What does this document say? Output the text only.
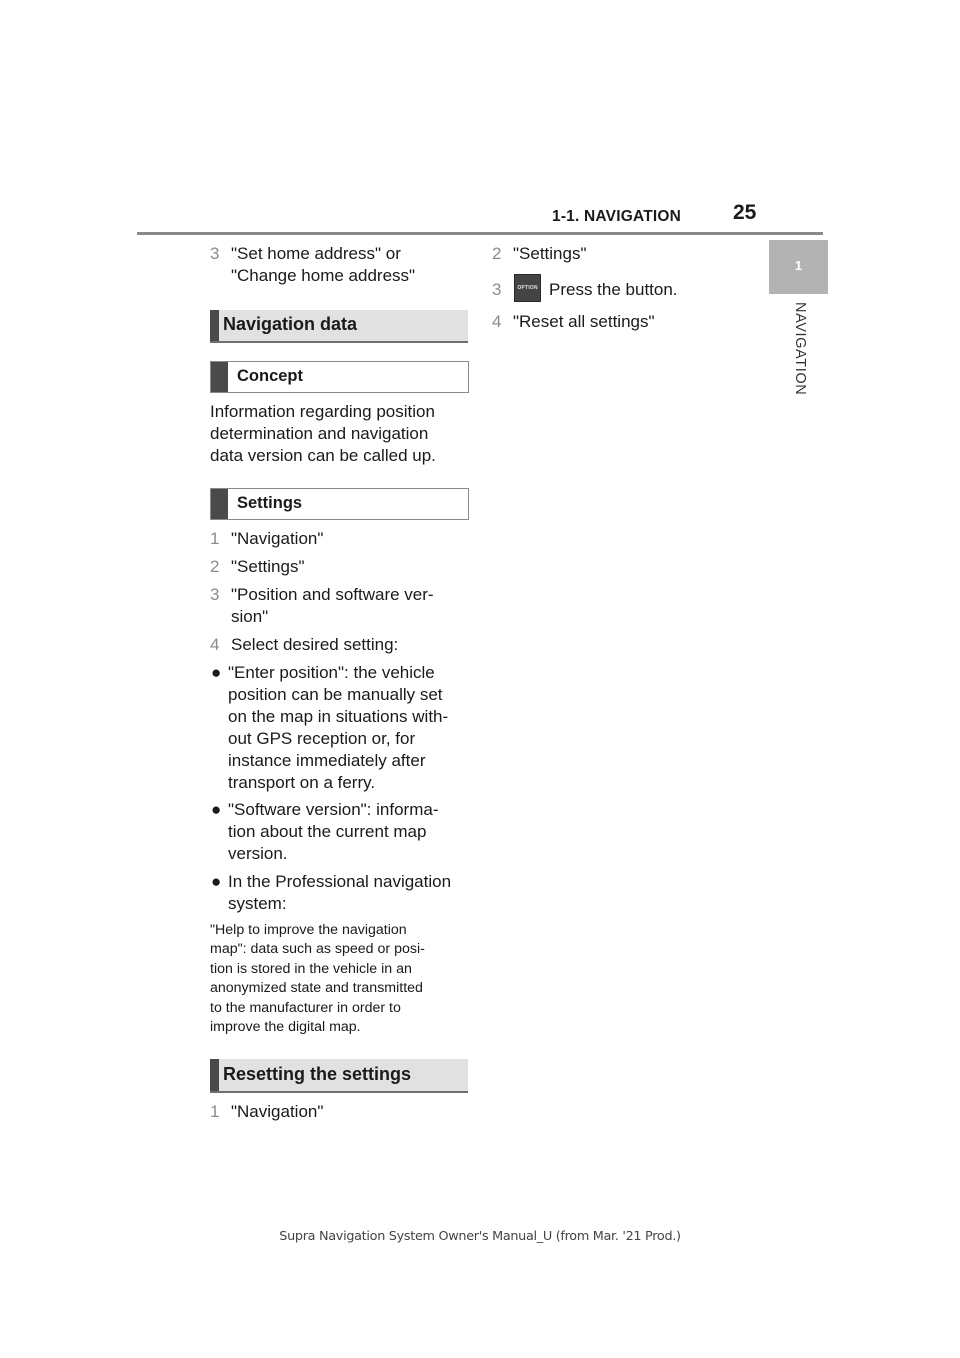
1-1. NAVIGATION 25
1
NAVIGATION
3 "Set home address" or
"Change home address"
Navigation data
Concept
Information regarding position
determination and navigation
data version can be called up.
Settings
1 "Navigation"
2 "Settings"
3 "Position and software ver-
sion"
4 Select desired setting:
● "Enter position": the vehicle
position can be manually set
on the map in situations with-
out GPS reception or, for
instance immediately after
transport on a ferry.
● "Software version": informa-
tion about the current map
version.
● In the Professional navigation
system:
"Help to improve the navigation
map": data such as speed or posi-
tion is stored in the vehicle in an
anonymized state and transmitted
to the manufacturer in order to
improve the digital map.
Resetting the settings
1 "Navigation"
2 "Settings"
3	OPTION Press the button.
4 "Reset all settings"
Supra Navigation System Owner's Manual_U (from Mar. '21 Prod.)
